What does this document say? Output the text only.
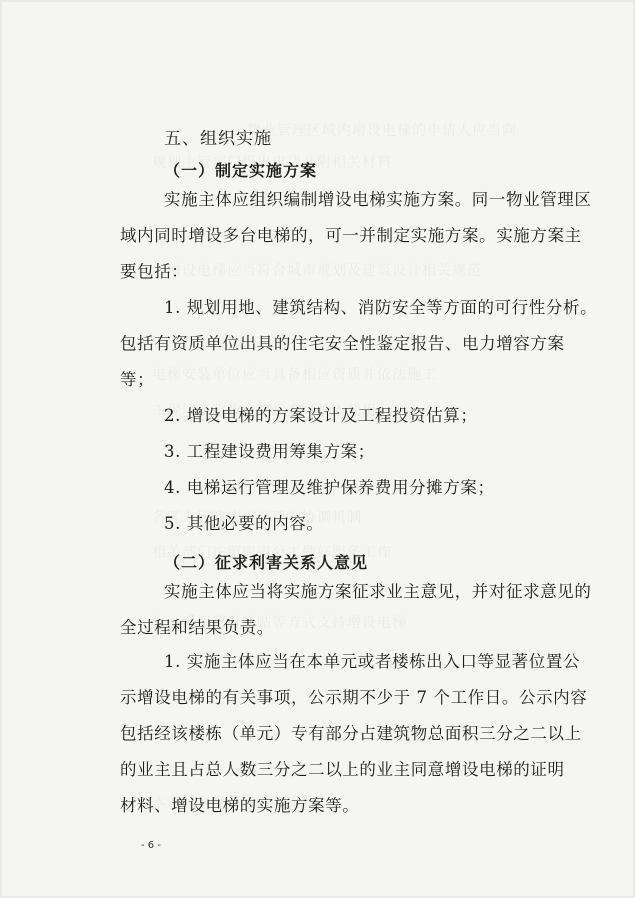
五、组织实施
（一）制定实施方案

实施主体应组织编制增设电梯实施方案。同一物业管理区
域内同时增设多台电梯的，可一并制定实施方案。实施方案主
要包括：

1. 规划用地、建筑结构、消防安全等方面的可行性分析。
包括有资质单位出具的住宅安全性鉴定报告、电力增容方案
等；

2. 增设电梯的方案设计及工程投资估算；

3. 工程建设费用筹集方案；

4. 电梯运行管理及维护保养费用分摊方案；

5. 其他必要的内容。

（二）征求利害关系人意见

实施主体应当将实施方案征求业主意见，并对征求意见的
全过程和结果负责。

1. 实施主体应当在本单元或者楼栋出入口等显著位置公
示增设电梯的有关事项，公示期不少于 7 个工作日。公示内容
包括经该楼栋（单元）专有部分占建筑物总面积三分之二以上
的业主且占总人数三分之二以上的业主同意增设电梯的证明
材料、增设电梯的实施方案等。

- 6 -
